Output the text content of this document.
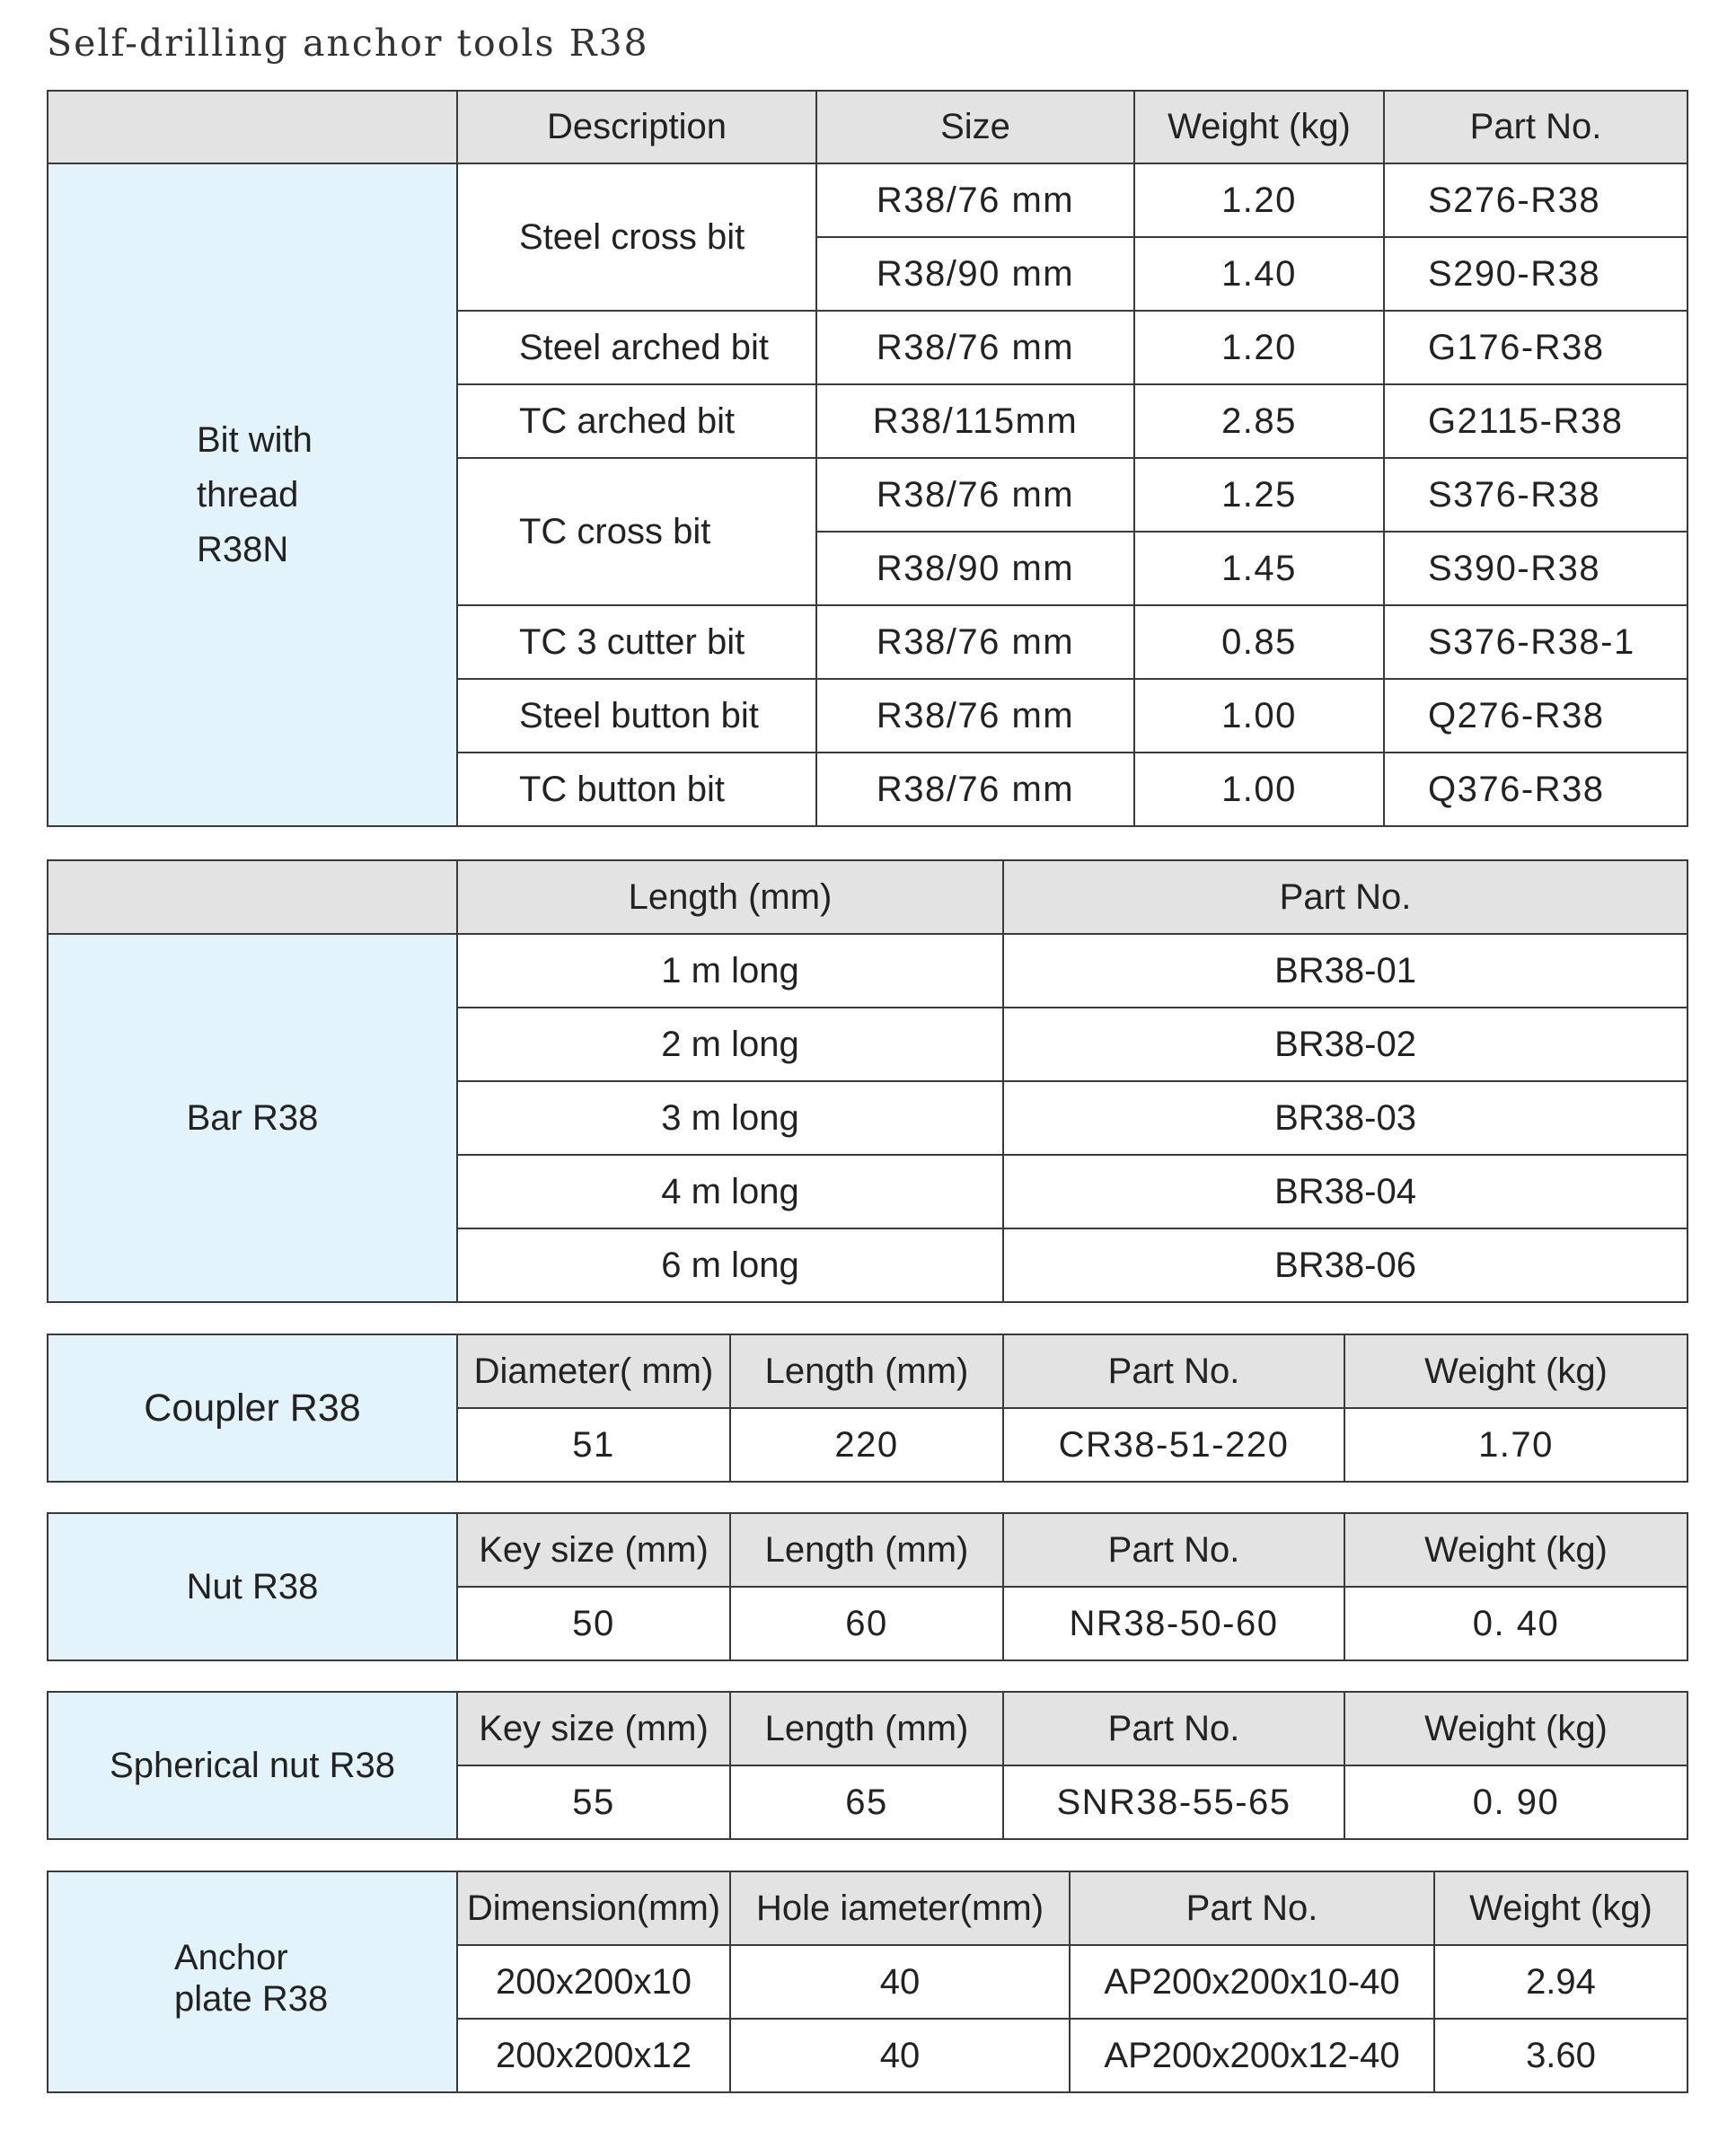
Self-drilling anchor tools R38
	Description	Size	Weight (kg)	Part No.
Bit with thread R38N	Steel cross bit	R38/76 mm	1.20	S276-R38
		R38/90 mm	1.40	S290-R38
	Steel arched bit	R38/76 mm	1.20	G176-R38
	TC arched bit	R38/115mm	2.85	G2115-R38
	TC cross bit	R38/76 mm	1.25	S376-R38
		R38/90 mm	1.45	S390-R38
	TC 3 cutter bit	R38/76 mm	0.85	S376-R38-1
	Steel button bit	R38/76 mm	1.00	Q276-R38
	TC button bit	R38/76 mm	1.00	Q376-R38
	Length (mm)	Part No.
Bar R38	1 m long	BR38-01
	2 m long	BR38-02
	3 m long	BR38-03
	4 m long	BR38-04
	6 m long	BR38-06
Coupler R38	Diameter( mm)	Length (mm)	Part No.	Weight (kg)
	51	220	CR38-51-220	1.70
Nut R38	Key size (mm)	Length (mm)	Part No.	Weight (kg)
	50	60	NR38-50-60	0. 40
Spherical nut R38	Key size (mm)	Length (mm)	Part No.	Weight (kg)
	55	65	SNR38-55-65	0. 90
Anchor plate R38	Dimension(mm)	Hole iameter(mm)	Part No.	Weight (kg)
	200x200x10	40	AP200x200x10-40	2.94
	200x200x12	40	AP200x200x12-40	3.60
